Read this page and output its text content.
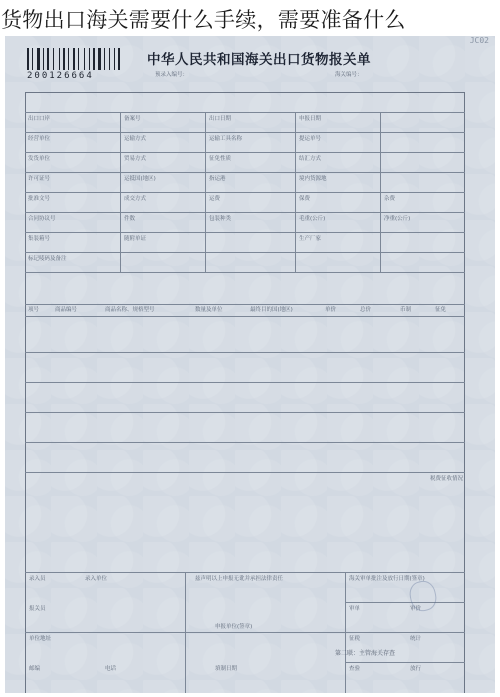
货物出口海关需要什么手续，需要准备什么
JC02
200126664
中华人民共和国海关出口货物报关单
预录入编号：	海关编号：
出口口岸	备案号	出口日期	申报日期
经营单位	运输方式	运输工具名称	提运单号
发货单位	贸易方式	征免性质	结汇方式
许可证号	运抵国(地区)	指运港	境内货源地
批准文号	成交方式	运费	保费	杂费
合同协议号	件数	包装种类	毛重(公斤)	净重(公斤)
集装箱号	随附单证	生产厂家
标记唛码及备注
项号	商品编号	商品名称、规格型号	数量及单位	最终目的国(地区)	单价	总价	币制	征免
税费征收情况
录入员	录入单位	兹声明以上申报无讹并承担法律责任	海关审单批注及放行日期(签章)
审单	审价
报关员
申报单位(签章)
征税	统计
单位地址
查验	放行
邮编	电话	填制日期
第二联：主管海关存查
